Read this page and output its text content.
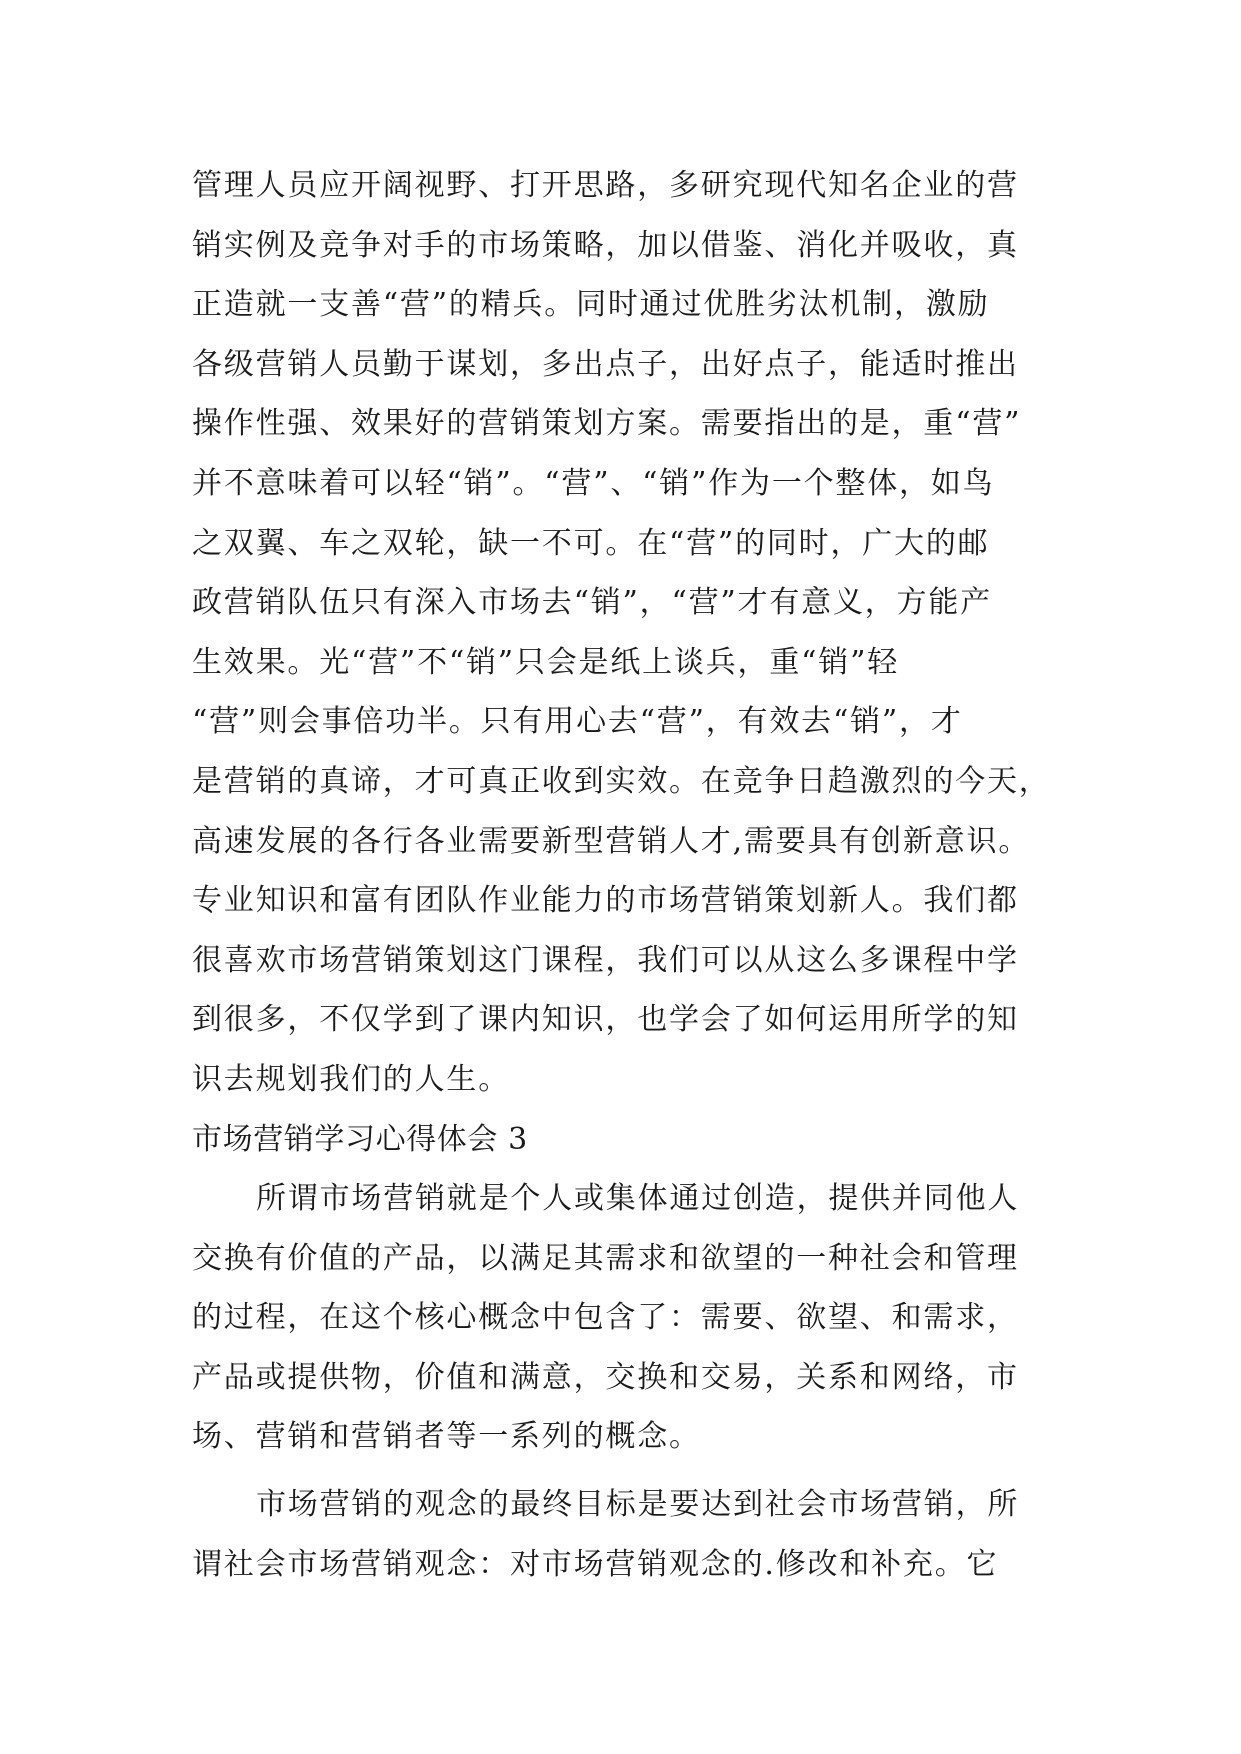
管理人员应开阔视野、打开思路，多研究现代知名企业的营
销实例及竞争对手的市场策略，加以借鉴、消化并吸收，真
正造就一支善“营”的精兵。同时通过优胜劣汰机制，激励
各级营销人员勤于谋划，多出点子，出好点子，能适时推出
操作性强、效果好的营销策划方案。需要指出的是，重“营”
并不意味着可以轻“销”。“营”、“销”作为一个整体，如鸟
之双翼、车之双轮，缺一不可。在“营”的同时，广大的邮
政营销队伍只有深入市场去“销”，“营”才有意义，方能产
生效果。光“营”不“销”只会是纸上谈兵，重“销”轻
“营”则会事倍功半。只有用心去“营”，有效去“销”，才
是营销的真谛，才可真正收到实效。在竞争日趋激烈的今天，
高速发展的各行各业需要新型营销人才,需要具有创新意识。
专业知识和富有团队作业能力的市场营销策划新人。我们都
很喜欢市场营销策划这门课程，我们可以从这么多课程中学
到很多，不仅学到了课内知识，也学会了如何运用所学的知
识去规划我们的人生。
市场营销学习心得体会 3
所谓市场营销就是个人或集体通过创造，提供并同他人
交换有价值的产品，以满足其需求和欲望的一种社会和管理
的过程，在这个核心概念中包含了：需要、欲望、和需求，
产品或提供物，价值和满意，交换和交易，关系和网络，市
场、营销和营销者等一系列的概念。
市场营销的观念的最终目标是要达到社会市场营销，所
谓社会市场营销观念：对市场营销观念的.修改和补充。它
